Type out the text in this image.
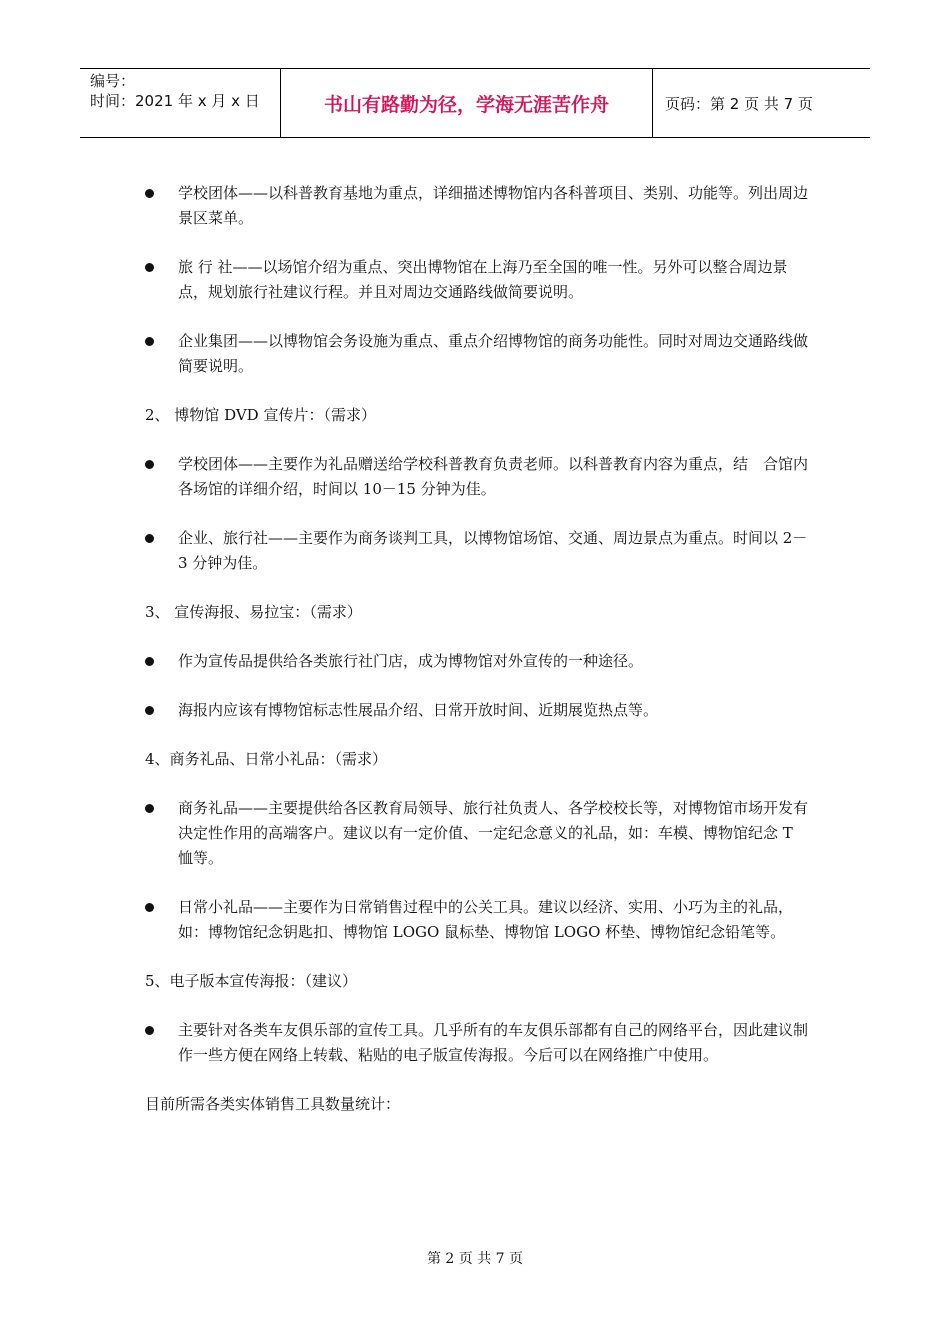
编号：
时间：2021 年 x 月 x 日	书山有路勤为径，学海无涯苦作舟	页码：第 2 页 共 7 页
学校团体——以科普教育基地为重点，详细描述博物馆内各科普项目、类别、功能等。列出周边景区菜单。
旅 行 社——以场馆介绍为重点、突出博物馆在上海乃至全国的唯一性。另外可以整合周边景点，规划旅行社建议行程。并且对周边交通路线做简要说明。
企业集团——以博物馆会务设施为重点、重点介绍博物馆的商务功能性。同时对周边交通路线做简要说明。
2、 博物馆 DVD 宣传片：（需求）
学校团体——主要作为礼品赠送给学校科普教育负责老师。以科普教育内容为重点，结　合馆内各场馆的详细介绍，时间以 10－15 分钟为佳。
企业、旅行社——主要作为商务谈判工具，以博物馆场馆、交通、周边景点为重点。时间以 2－3 分钟为佳。
3、 宣传海报、易拉宝：（需求）
作为宣传品提供给各类旅行社门店，成为博物馆对外宣传的一种途径。
海报内应该有博物馆标志性展品介绍、日常开放时间、近期展览热点等。
4、商务礼品、日常小礼品：（需求）
商务礼品——主要提供给各区教育局领导、旅行社负责人、各学校校长等，对博物馆市场开发有决定性作用的高端客户。建议以有一定价值、一定纪念意义的礼品，如：车模、博物馆纪念 T 恤等。
日常小礼品——主要作为日常销售过程中的公关工具。建议以经济、实用、小巧为主的礼品，如：博物馆纪念钥匙扣、博物馆 LOGO 鼠标垫、博物馆 LOGO 杯垫、博物馆纪念铅笔等。
5、电子版本宣传海报：（建议）
主要针对各类车友俱乐部的宣传工具。几乎所有的车友俱乐部都有自己的网络平台，因此建议制作一些方便在网络上转载、粘贴的电子版宣传海报。今后可以在网络推广中使用。
目前所需各类实体销售工具数量统计：
第 2 页 共 7 页
